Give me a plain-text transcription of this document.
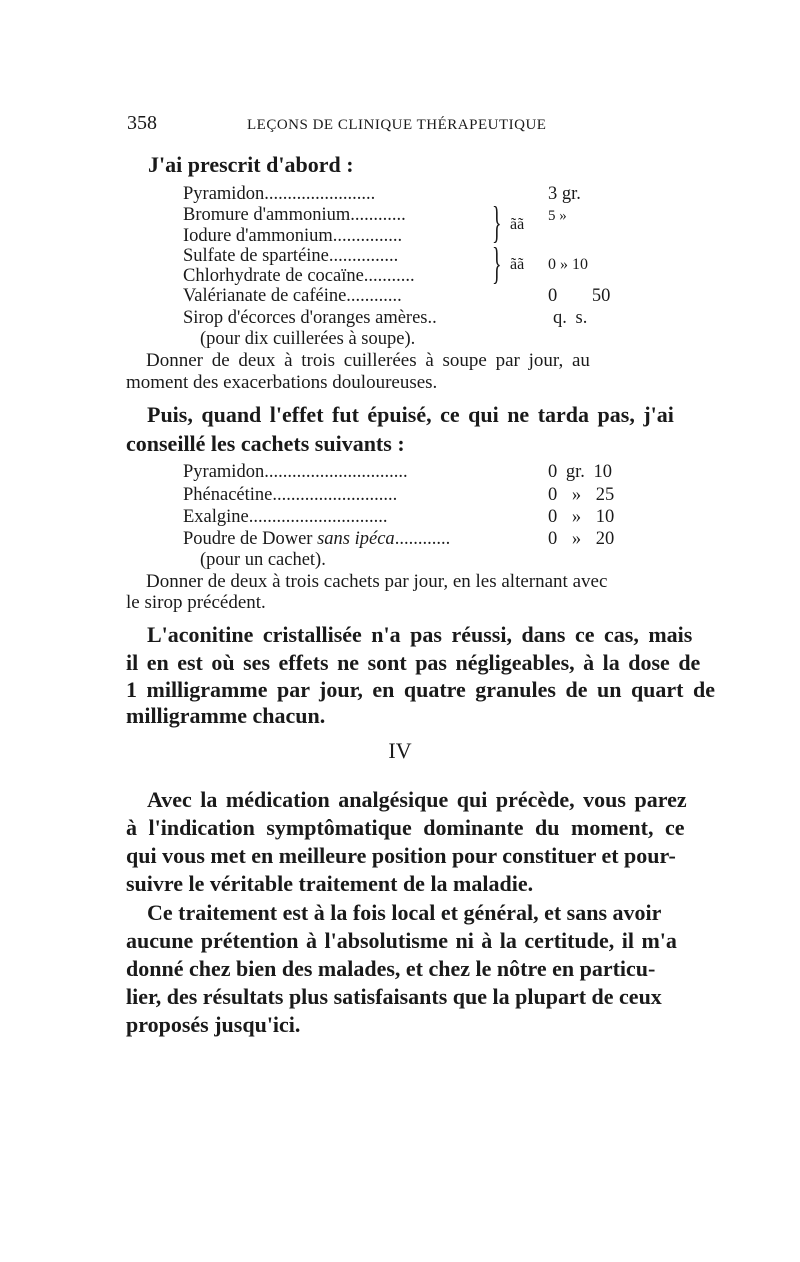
358	LEÇONS DE CLINIQUE THÉRAPEUTIQUE
J'ai prescrit d'abord :
Pyramidon........................	3 gr.
Bromure d'ammonium............	5 »
Iodure d'ammonium............... } ãã
Sulfate de spartéine...............	0 » 10
Chlorhydrate de cocaïne........... } ãã
Valérianate de caféine............	0 50
Sirop d'écorces d'oranges amères..	q. s.
(pour dix cuillerées à soupe).
Donner de deux à trois cuillerées à soupe par jour, au
moment des exacerbations douloureuses.
Puis, quand l'effet fut épuisé, ce qui ne tarda pas, j'ai
conseillé les cachets suivants :
Pyramidon...............................	0 gr. 10
Phénacétine...........................	0 » 25
Exalgine..............................	0 » 10
Poudre de Dower sans ipéca............	0 » 20
(pour un cachet).
Donner de deux à trois cachets par jour, en les alternant avec
le sirop précédent.
L'aconitine cristallisée n'a pas réussi, dans ce cas, mais
il en est où ses effets ne sont pas négligeables, à la dose de
1 milligramme par jour, en quatre granules de un quart de
milligramme chacun.
IV
Avec la médication analgésique qui précède, vous parez
à l'indication symptômatique dominante du moment, ce
qui vous met en meilleure position pour constituer et pour-
suivre le véritable traitement de la maladie.
Ce traitement est à la fois local et général, et sans avoir
aucune prétention à l'absolutisme ni à la certitude, il m'a
donné chez bien des malades, et chez le nôtre en particu-
lier, des résultats plus satisfaisants que la plupart de ceux
proposés jusqu'ici.
